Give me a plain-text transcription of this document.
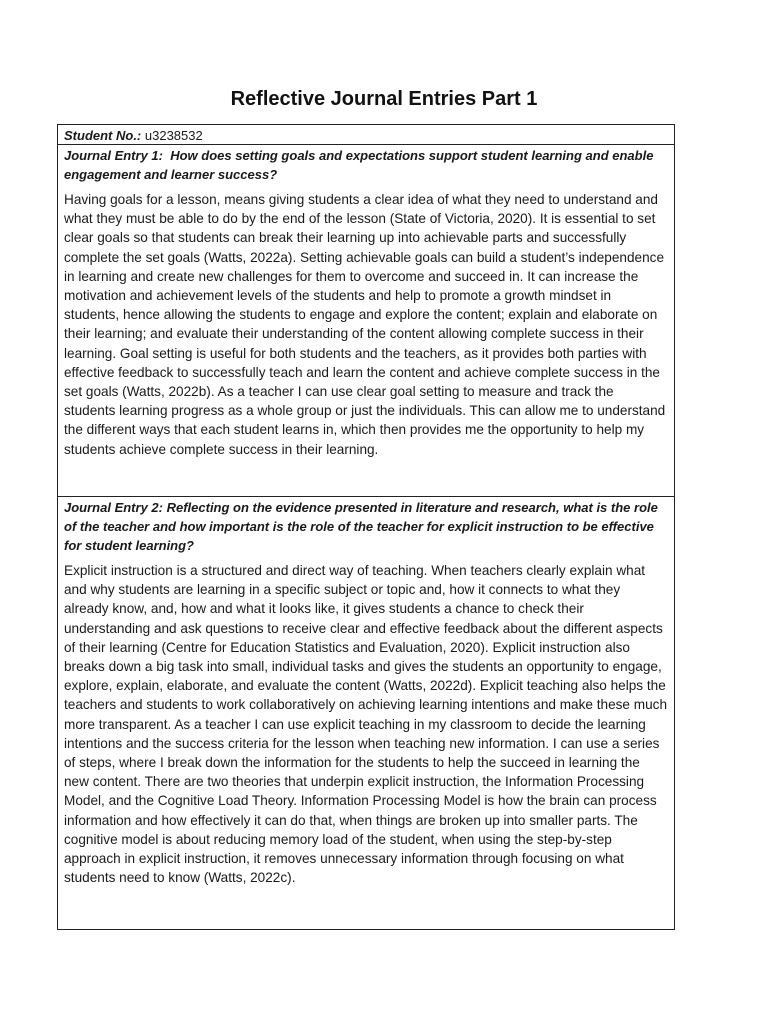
Reflective Journal Entries Part 1
Student No.: u3238532

Journal Entry 1: How does setting goals and expectations support student learning and enable engagement and learner success?

Having goals for a lesson, means giving students a clear idea of what they need to understand and what they must be able to do by the end of the lesson (State of Victoria, 2020). It is essential to set clear goals so that students can break their learning up into achievable parts and successfully complete the set goals (Watts, 2022a). Setting achievable goals can build a student’s independence in learning and create new challenges for them to overcome and succeed in. It can increase the motivation and achievement levels of the students and help to promote a growth mindset in students, hence allowing the students to engage and explore the content; explain and elaborate on their learning; and evaluate their understanding of the content allowing complete success in their learning. Goal setting is useful for both students and the teachers, as it provides both parties with effective feedback to successfully teach and learn the content and achieve complete success in the set goals (Watts, 2022b). As a teacher I can use clear goal setting to measure and track the students learning progress as a whole group or just the individuals. This can allow me to understand the different ways that each student learns in, which then provides me the opportunity to help my students achieve complete success in their learning.

Journal Entry 2: Reflecting on the evidence presented in literature and research, what is the role of the teacher and how important is the role of the teacher for explicit instruction to be effective for student learning?

Explicit instruction is a structured and direct way of teaching. When teachers clearly explain what and why students are learning in a specific subject or topic and, how it connects to what they already know, and, how and what it looks like, it gives students a chance to check their understanding and ask questions to receive clear and effective feedback about the different aspects of their learning (Centre for Education Statistics and Evaluation, 2020). Explicit instruction also breaks down a big task into small, individual tasks and gives the students an opportunity to engage, explore, explain, elaborate, and evaluate the content (Watts, 2022d). Explicit teaching also helps the teachers and students to work collaboratively on achieving learning intentions and make these much more transparent. As a teacher I can use explicit teaching in my classroom to decide the learning intentions and the success criteria for the lesson when teaching new information. I can use a series of steps, where I break down the information for the students to help the succeed in learning the new content. There are two theories that underpin explicit instruction, the Information Processing Model, and the Cognitive Load Theory. Information Processing Model is how the brain can process information and how effectively it can do that, when things are broken up into smaller parts. The cognitive model is about reducing memory load of the student, when using the step-by-step approach in explicit instruction, it removes unnecessary information through focusing on what students need to know (Watts, 2022c).
